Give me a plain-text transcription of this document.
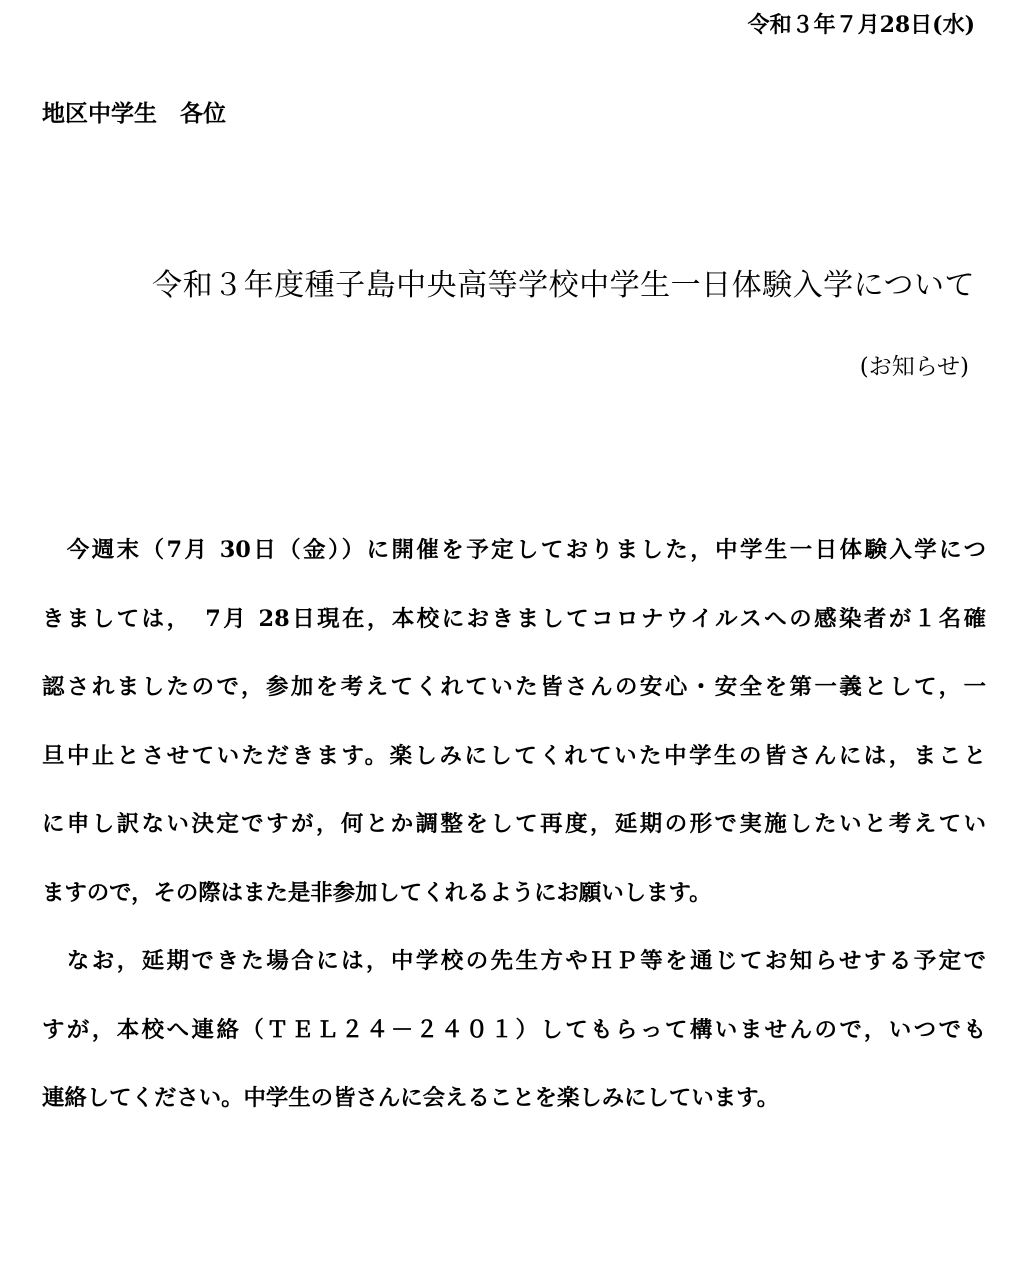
令和３年７月28日(水)
地区中学生　各位
令和３年度種子島中央高等学校中学生一日体験入学について
(お知らせ)
　今週末（7月 30日（金））に開催を予定しておりました，中学生一日体験入学につ
きましては，　7月 28日現在，本校におきましてコロナウイルスへの感染者が１名確
認されましたので，参加を考えてくれていた皆さんの安心・安全を第一義として，一
旦中止とさせていただきます。楽しみにしてくれていた中学生の皆さんには，まこと
に申し訳ない決定ですが，何とか調整をして再度，延期の形で実施したいと考えてい
ますので，その際はまた是非参加してくれるようにお願いします。
　なお，延期できた場合には，中学校の先生方やＨＰ等を通じてお知らせする予定で
すが，本校へ連絡（ＴＥＬ２４－２４０１）してもらって構いませんので，いつでも
連絡してください。中学生の皆さんに会えることを楽しみにしています。
